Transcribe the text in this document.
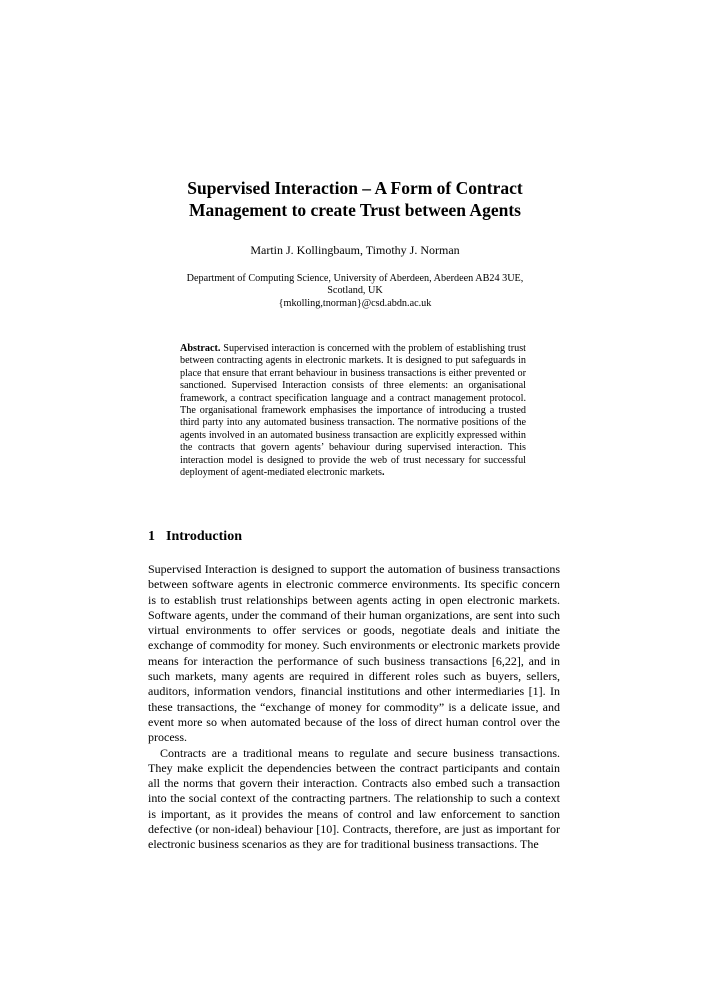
Supervised Interaction – A Form of Contract
Management to create Trust between Agents
Martin J. Kollingbaum, Timothy J. Norman
Department of Computing Science, University of Aberdeen, Aberdeen AB24 3UE,
Scotland, UK
{mkolling,tnorman}@csd.abdn.ac.uk
Abstract. Supervised interaction is concerned with the problem of establishing trust between contracting agents in electronic markets. It is designed to put safeguards in place that ensure that errant behaviour in business transactions is either prevented or sanctioned. Supervised Interaction consists of three elements: an organisational framework, a contract specification language and a contract management protocol. The organisational framework emphasises the importance of introducing a trusted third party into any automated business transaction. The normative positions of the agents involved in an automated business transaction are explicitly expressed within the contracts that govern agents’ behaviour during supervised interaction. This interaction model is designed to provide the web of trust necessary for successful deployment of agent-mediated electronic markets.
1 Introduction

Supervised Interaction is designed to support the automation of business transactions between software agents in electronic commerce environments. Its specific concern is to establish trust relationships between agents acting in open electronic markets. Software agents, under the command of their human organizations, are sent into such virtual environments to offer services or goods, negotiate deals and initiate the exchange of commodity for money. Such environments or electronic markets provide means for interaction the performance of such business transactions [6,22], and in such markets, many agents are required in different roles such as buyers, sellers, auditors, information vendors, financial institutions and other intermediaries [1]. In these transactions, the “exchange of money for commodity” is a delicate issue, and event more so when automated because of the loss of direct human control over the process.

Contracts are a traditional means to regulate and secure business transactions. They make explicit the dependencies between the contract participants and contain all the norms that govern their interaction. Contracts also embed such a transaction into the social context of the contracting partners. The relationship to such a context is important, as it provides the means of control and law enforcement to sanction defective (or non-ideal) behaviour [10]. Contracts, therefore, are just as important for electronic business scenarios as they are for traditional business transactions. The
